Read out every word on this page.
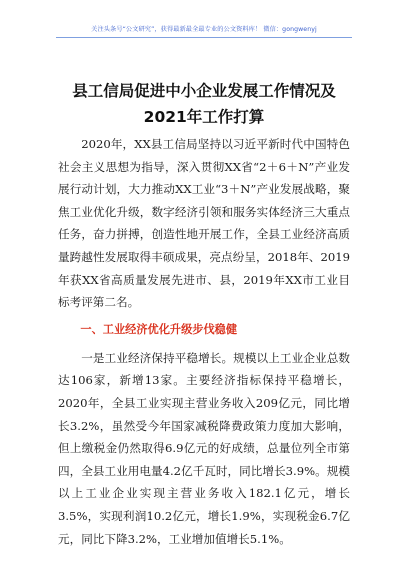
关注头条号“公文研究”，获得最新最全最专业的公文资料库！ 微信：gongwenyj
县工信局促进中小企业发展工作情况及2021年工作打算

2020年，XX县工信局坚持以习近平新时代中国特色社会主义思想为指导，深入贯彻XX省“2＋6＋N”产业发展行动计划，大力推动XX工业“3＋N”产业发展战略，聚焦工业优化升级，数字经济引领和服务实体经济三大重点任务，奋力拼搏，创造性地开展工作，全县工业经济高质量跨越性发展取得丰硕成果，亮点纷呈，2018年、2019年获XX省高质量发展先进市、县，2019年XX市工业目标考评第二名。

一、工业经济优化升级步伐稳健

一是工业经济保持平稳增长。规模以上工业企业总数达106家，新增13家。主要经济指标保持平稳增长，2020年，全县工业实现主营业务收入209亿元，同比增长3.2%，虽然受今年国家减税降费政策力度加大影响，但上缴税金仍然取得6.9亿元的好成绩，总量位列全市第四，全县工业用电量4.2亿千瓦时，同比增长3.9%。规模以上工业企业实现主营业务收入182.1亿元，增长3.5%，实现利润10.2亿元，增长1.9%，实现税金6.7亿元，同比下降3.2%，工业增加值增长5.1%。
